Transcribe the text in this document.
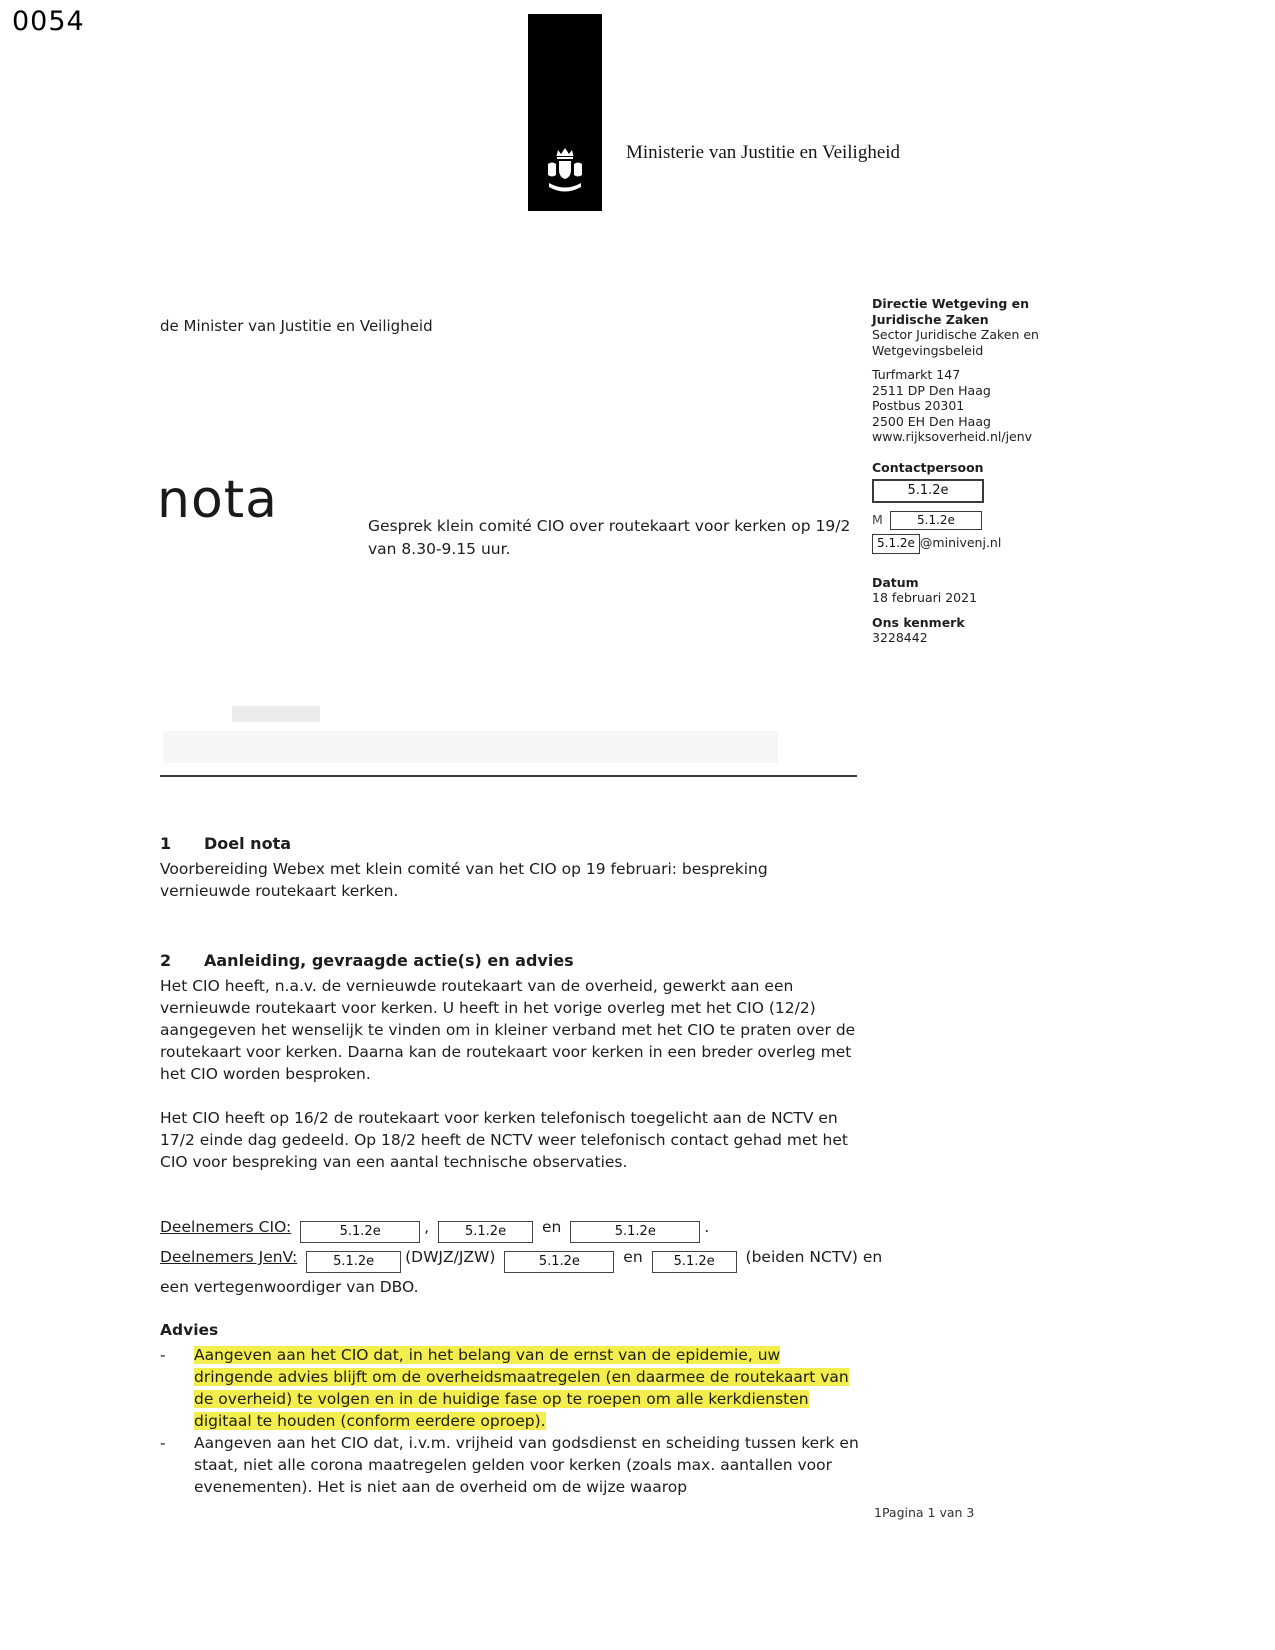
0054
Ministerie van Justitie en Veiligheid
de Minister van Justitie en Veiligheid
Directie Wetgeving en
Juridische Zaken
Sector Juridische Zaken en
Wetgevingsbeleid
Turfmarkt 147
2511 DP Den Haag
Postbus 20301
2500 EH Den Haag
www.rijksoverheid.nl/jenv
Contactpersoon
5.1.2e
M	5.1.2e
5.1.2e @minivenj.nl
Datum
18 februari 2021
Ons kenmerk
3228442
nota	Gesprek klein comité CIO over routekaart voor kerken op 19/2 van 8.30-9.15 uur.
1	Doel nota

Voorbereiding Webex met klein comité van het CIO op 19 februari: bespreking vernieuwde routekaart kerken.

2	Aanleiding, gevraagde actie(s) en advies

Het CIO heeft, n.a.v. de vernieuwde routekaart van de overheid, gewerkt aan een vernieuwde routekaart voor kerken. U heeft in het vorige overleg met het CIO (12/2) aangegeven het wenselijk te vinden om in kleiner verband met het CIO te praten over de routekaart voor kerken. Daarna kan de routekaart voor kerken in een breder overleg met het CIO worden besproken.

Het CIO heeft op 16/2 de routekaart voor kerken telefonisch toegelicht aan de NCTV en 17/2 einde dag gedeeld. Op 18/2 heeft de NCTV weer telefonisch contact gehad met het CIO voor bespreking van een aantal technische observaties.

Deelnemers CIO:	5.1.2e	,	5.1.2e en	5.1.2e	.
Deelnemers JenV:	5.1.2e (DWJZ/JZW)	5.1.2e	en 5.1.2e (beiden NCTV) en
een vertegenwoordiger van DBO.
Advies
-	Aangeven aan het CIO dat, in het belang van de ernst van de epidemie, uw dringende advies blijft om de overheidsmaatregelen (en daarmee de routekaart van de overheid) te volgen en in de huidige fase op te roepen om alle kerkdiensten digitaal te houden (conform eerdere oproep).
-	Aangeven aan het CIO dat, i.v.m. vrijheid van godsdienst en scheiding tussen kerk en staat, niet alle corona maatregelen gelden voor kerken (zoals max. aantallen voor evenementen). Het is niet aan de overheid om de wijze waarop
1Pagina 1 van 3
